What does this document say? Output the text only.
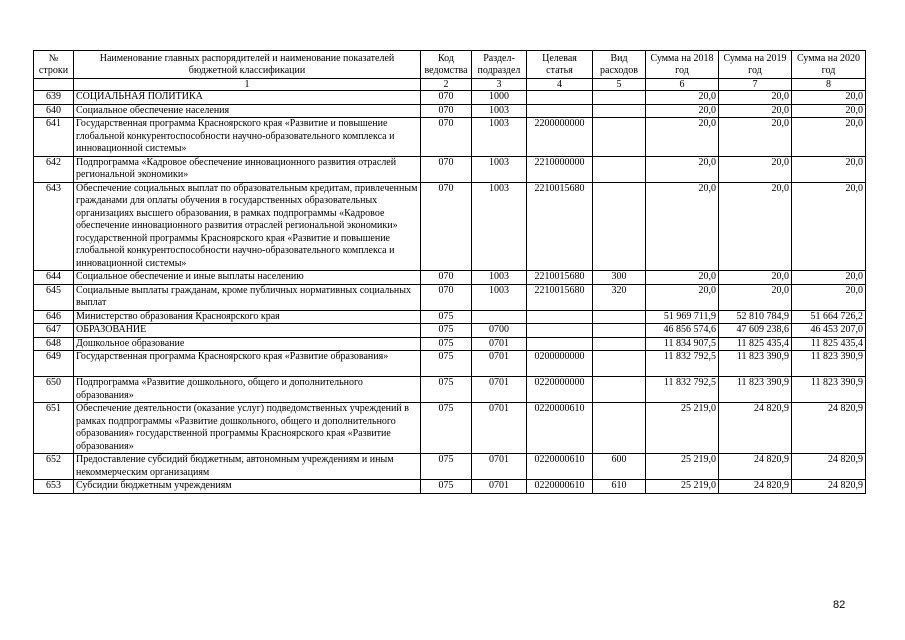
№ строки	Наименование главных распорядителей и наименование показателей бюджетной классификации	Код ведомства	Раздел-подраздел	Целевая статья	Вид расходов	Сумма на 2018 год	Сумма на 2019 год	Сумма на 2020 год
	1	2	3	4	5	6	7	8
639	СОЦИАЛЬНАЯ ПОЛИТИКА	070	1000			20,0	20,0	20,0
640	Социальное обеспечение населения	070	1003			20,0	20,0	20,0
641	Государственная программа Красноярского края «Развитие и повышение глобальной конкурентоспособности научно-образовательного комплекса и инновационной системы»	070	1003	2200000000		20,0	20,0	20,0
642	Подпрограмма «Кадровое обеспечение инновационного развития отраслей региональной экономики»	070	1003	2210000000		20,0	20,0	20,0
643	Обеспечение социальных выплат по образовательным кредитам, привлеченным гражданами для оплаты обучения в государственных образовательных организациях высшего образования, в рамках подпрограммы «Кадровое обеспечение инновационного развития отраслей региональной экономики» государственной программы Красноярского края «Развитие и повышение глобальной конкурентоспособности научно-образовательного комплекса и инновационной системы»	070	1003	2210015680		20,0	20,0	20,0
644	Социальное обеспечение и иные выплаты населению	070	1003	2210015680	300	20,0	20,0	20,0
645	Социальные выплаты гражданам, кроме публичных нормативных социальных выплат	070	1003	2210015680	320	20,0	20,0	20,0
646	Министерство образования Красноярского края	075				51 969 711,9	52 810 784,9	51 664 726,2
647	ОБРАЗОВАНИЕ	075	0700			46 856 574,6	47 609 238,6	46 453 207,0
648	Дошкольное образование	075	0701			11 834 907,5	11 825 435,4	11 825 435,4
649	Государственная программа Красноярского края «Развитие образования»	075	0701	0200000000		11 832 792,5	11 823 390,9	11 823 390,9
650	Подпрограмма «Развитие дошкольного, общего и дополнительного образования»	075	0701	0220000000		11 832 792,5	11 823 390,9	11 823 390,9
651	Обеспечение деятельности (оказание услуг) подведомственных учреждений в рамках подпрограммы «Развитие дошкольного, общего и дополнительного образования» государственной программы Красноярского края «Развитие образования»	075	0701	0220000610		25 219,0	24 820,9	24 820,9
652	Предоставление субсидий бюджетным, автономным учреждениям и иным некоммерческим организациям	075	0701	0220000610	600	25 219,0	24 820,9	24 820,9
653	Субсидии бюджетным учреждениям	075	0701	0220000610	610	25 219,0	24 820,9	24 820,9
82
